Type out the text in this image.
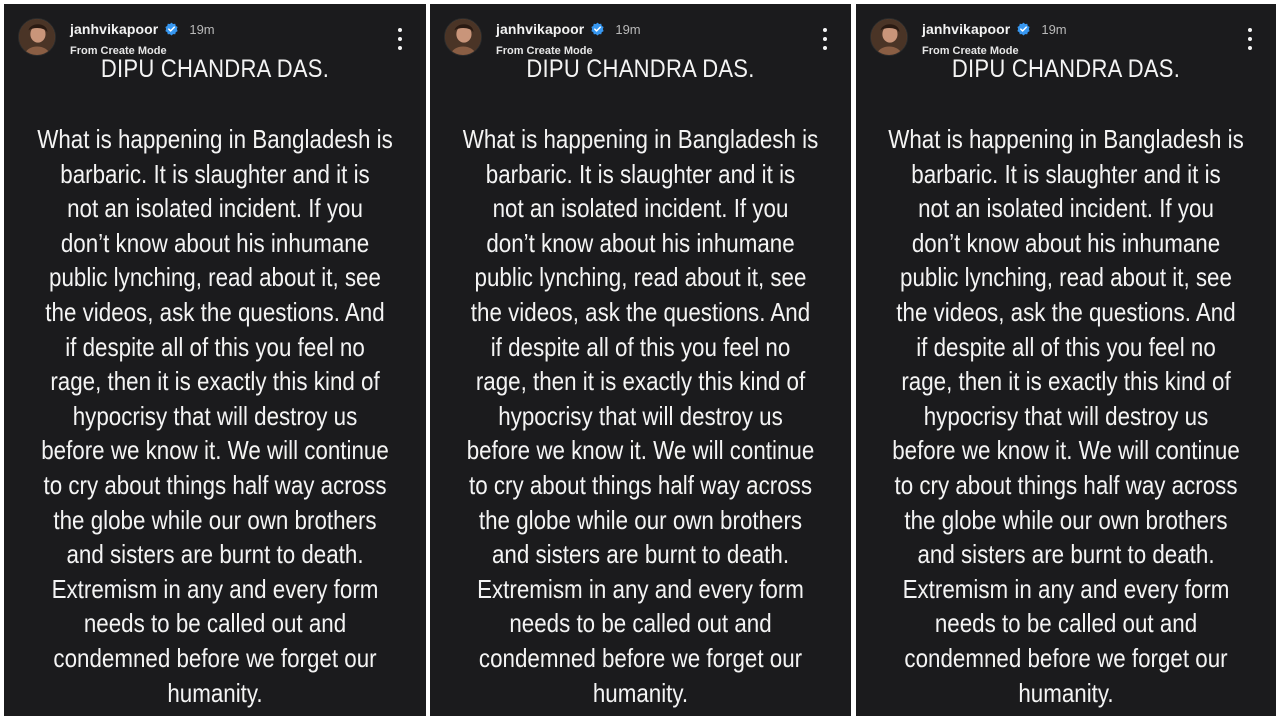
janhvikapoor 19m
From Create Mode
DIPU CHANDRA DAS.
What is happening in Bangladesh is
barbaric. It is slaughter and it is
not an isolated incident. If you
don’t know about his inhumane
public lynching, read about it, see
the videos, ask the questions. And
if despite all of this you feel no
rage, then it is exactly this kind of
hypocrisy that will destroy us
before we know it. We will continue
to cry about things half way across
the globe while our own brothers
and sisters are burnt to death.
Extremism in any and every form
needs to be called out and
condemned before we forget our
humanity.
janhvikapoor 19m
From Create Mode
DIPU CHANDRA DAS.
What is happening in Bangladesh is
barbaric. It is slaughter and it is
not an isolated incident. If you
don’t know about his inhumane
public lynching, read about it, see
the videos, ask the questions. And
if despite all of this you feel no
rage, then it is exactly this kind of
hypocrisy that will destroy us
before we know it. We will continue
to cry about things half way across
the globe while our own brothers
and sisters are burnt to death.
Extremism in any and every form
needs to be called out and
condemned before we forget our
humanity.
janhvikapoor 19m
From Create Mode
DIPU CHANDRA DAS.
What is happening in Bangladesh is
barbaric. It is slaughter and it is
not an isolated incident. If you
don’t know about his inhumane
public lynching, read about it, see
the videos, ask the questions. And
if despite all of this you feel no
rage, then it is exactly this kind of
hypocrisy that will destroy us
before we know it. We will continue
to cry about things half way across
the globe while our own brothers
and sisters are burnt to death.
Extremism in any and every form
needs to be called out and
condemned before we forget our
humanity.
